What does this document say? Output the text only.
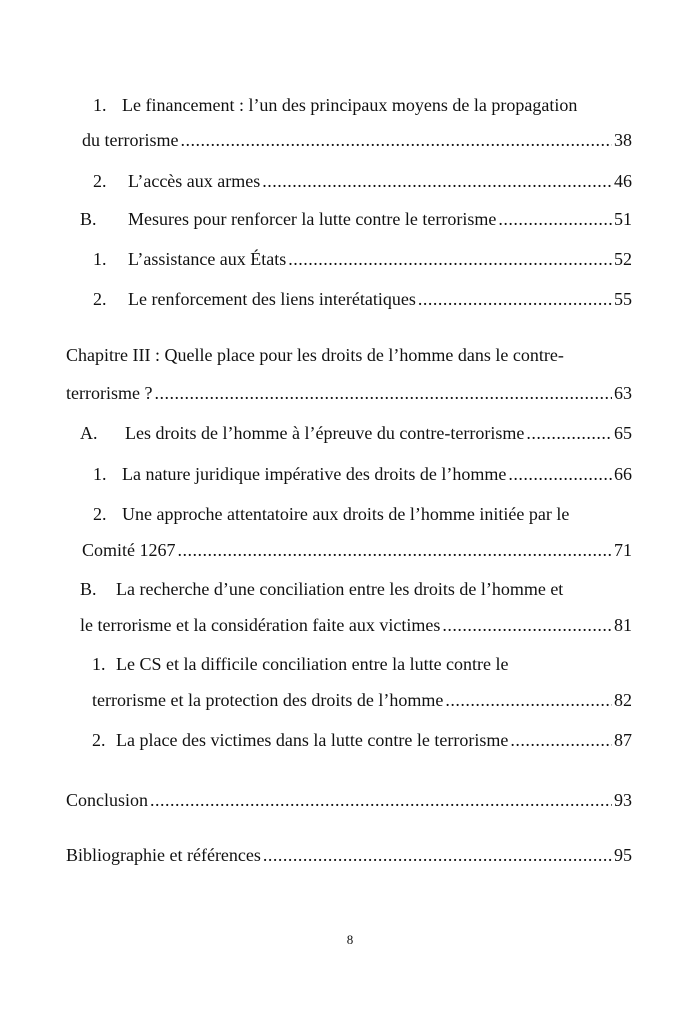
1. Le financement : l’un des principaux moyens de la propagation
du terrorisme .....	38
2. L’accès aux armes .....	46
B. Mesures pour renforcer la lutte contre le terrorisme .....	51
1. L’assistance aux États .....	52
2. Le renforcement des liens interétatiques .....	55
Chapitre III : Quelle place pour les droits de l’homme dans le contre-
terrorisme ? .....	63
A. Les droits de l’homme à l’épreuve du contre-terrorisme .....	65
1. La nature juridique impérative des droits de l’homme .....	66
2. Une approche attentatoire aux droits de l’homme initiée par le
Comité 1267 .....	71
B. La recherche d’une conciliation entre les droits de l’homme et
le terrorisme et la considération faite aux victimes .....	81
1. Le CS et la difficile conciliation entre la lutte contre le
terrorisme et la protection des droits de l’homme .....	82
2. La place des victimes dans la lutte contre le terrorisme .....	87
Conclusion .....	93
Bibliographie et références .....	95
8
